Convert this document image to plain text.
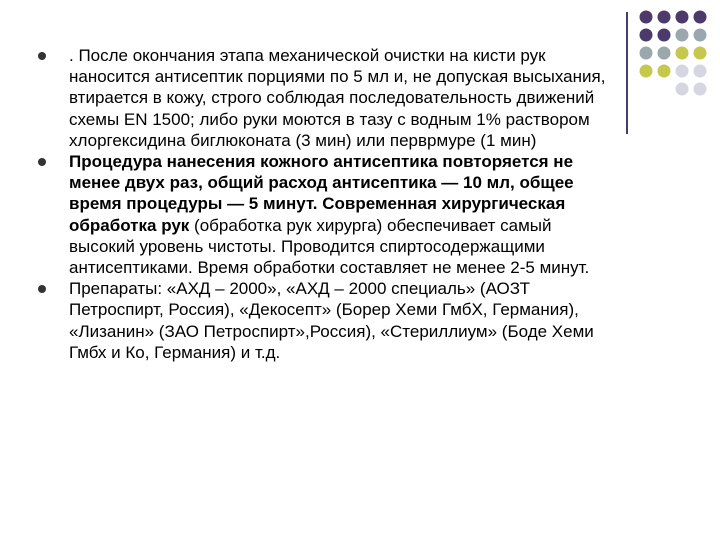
. После окончания этапа механической очистки на кисти рук наносится антисептик порциями по 5 мл и, не допуская высыхания, втирается в кожу, строго соблюдая последовательность движений схемы EN 1500; либо руки моются в тазу с водным 1% раствором хлоргексидина биглюконата (3 мин) или перврмуре (1 мин)

Процедура нанесения кожного антисептика повторяется не менее двух раз, общий расход антисептика — 10 мл, общее время процедуры — 5 минут. Современная хирургическая обработка рук (обработка рук хирурга) обеспечивает самый высокий уровень чистоты. Проводится спиртосодержащими антисептиками. Время обработки составляет не менее 2-5 минут.

Препараты: «АХД – 2000», «АХД – 2000 специаль» (АОЗТ Петроспирт, Россия), «Декосепт» (Борер Хеми ГмбХ, Германия), «Лизанин» (ЗАО Петроспирт»,Россия), «Стериллиум» (Боде Хеми Гмбх и Ко, Германия) и т.д.
